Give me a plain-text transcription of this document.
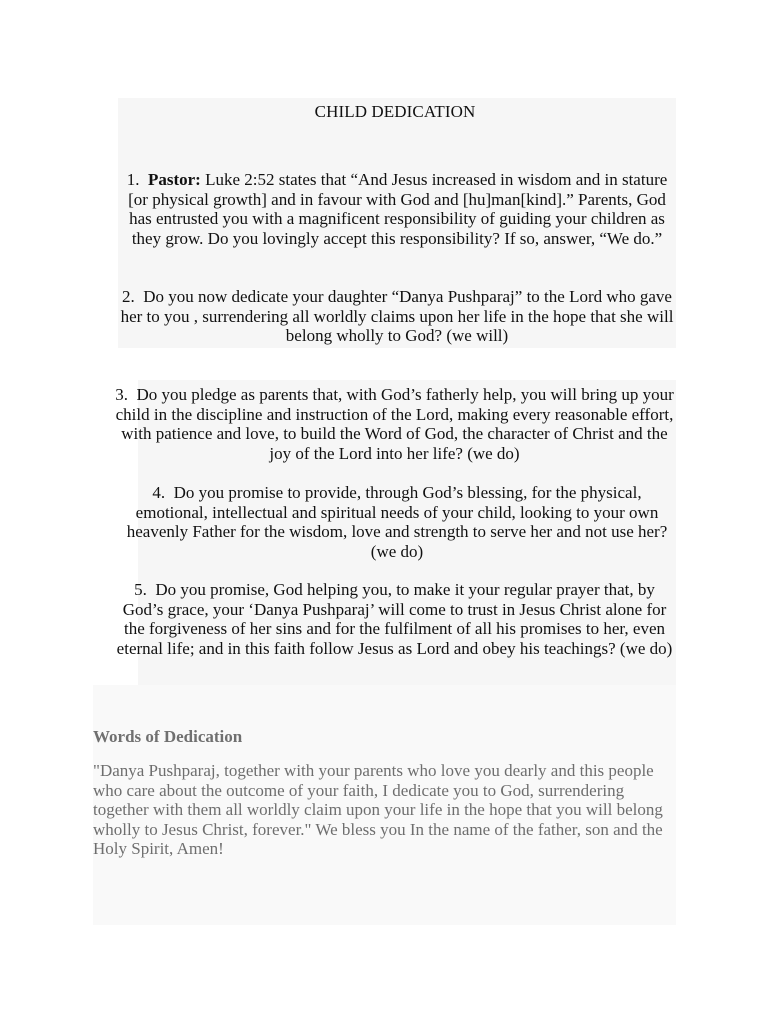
CHILD DEDICATION
1. Pastor: Luke 2:52 states that “And Jesus increased in wisdom and in stature [or physical growth] and in favour with God and [hu]man[kind].” Parents, God has entrusted you with a magnificent responsibility of guiding your children as they grow. Do you lovingly accept this responsibility? If so, answer, “We do.”
2. Do you now dedicate your daughter “Danya Pushparaj” to the Lord who gave her to you , surrendering all worldly claims upon her life in the hope that she will belong wholly to God? (we will)
3. Do you pledge as parents that, with God’s fatherly help, you will bring up your child in the discipline and instruction of the Lord, making every reasonable effort, with patience and love, to build the Word of God, the character of Christ and the joy of the Lord into her life? (we do)
4. Do you promise to provide, through God’s blessing, for the physical, emotional, intellectual and spiritual needs of your child, looking to your own heavenly Father for the wisdom, love and strength to serve her and not use her? (we do)
5. Do you promise, God helping you, to make it your regular prayer that, by God’s grace, your ‘Danya Pushparaj’ will come to trust in Jesus Christ alone for the forgiveness of her sins and for the fulfilment of all his promises to her, even eternal life; and in this faith follow Jesus as Lord and obey his teachings? (we do)
Words of Dedication
"Danya Pushparaj, together with your parents who love you dearly and this people who care about the outcome of your faith, I dedicate you to God, surrendering together with them all worldly claim upon your life in the hope that you will belong wholly to Jesus Christ, forever." We bless you In the name of the father, son and the Holy Spirit, Amen!
